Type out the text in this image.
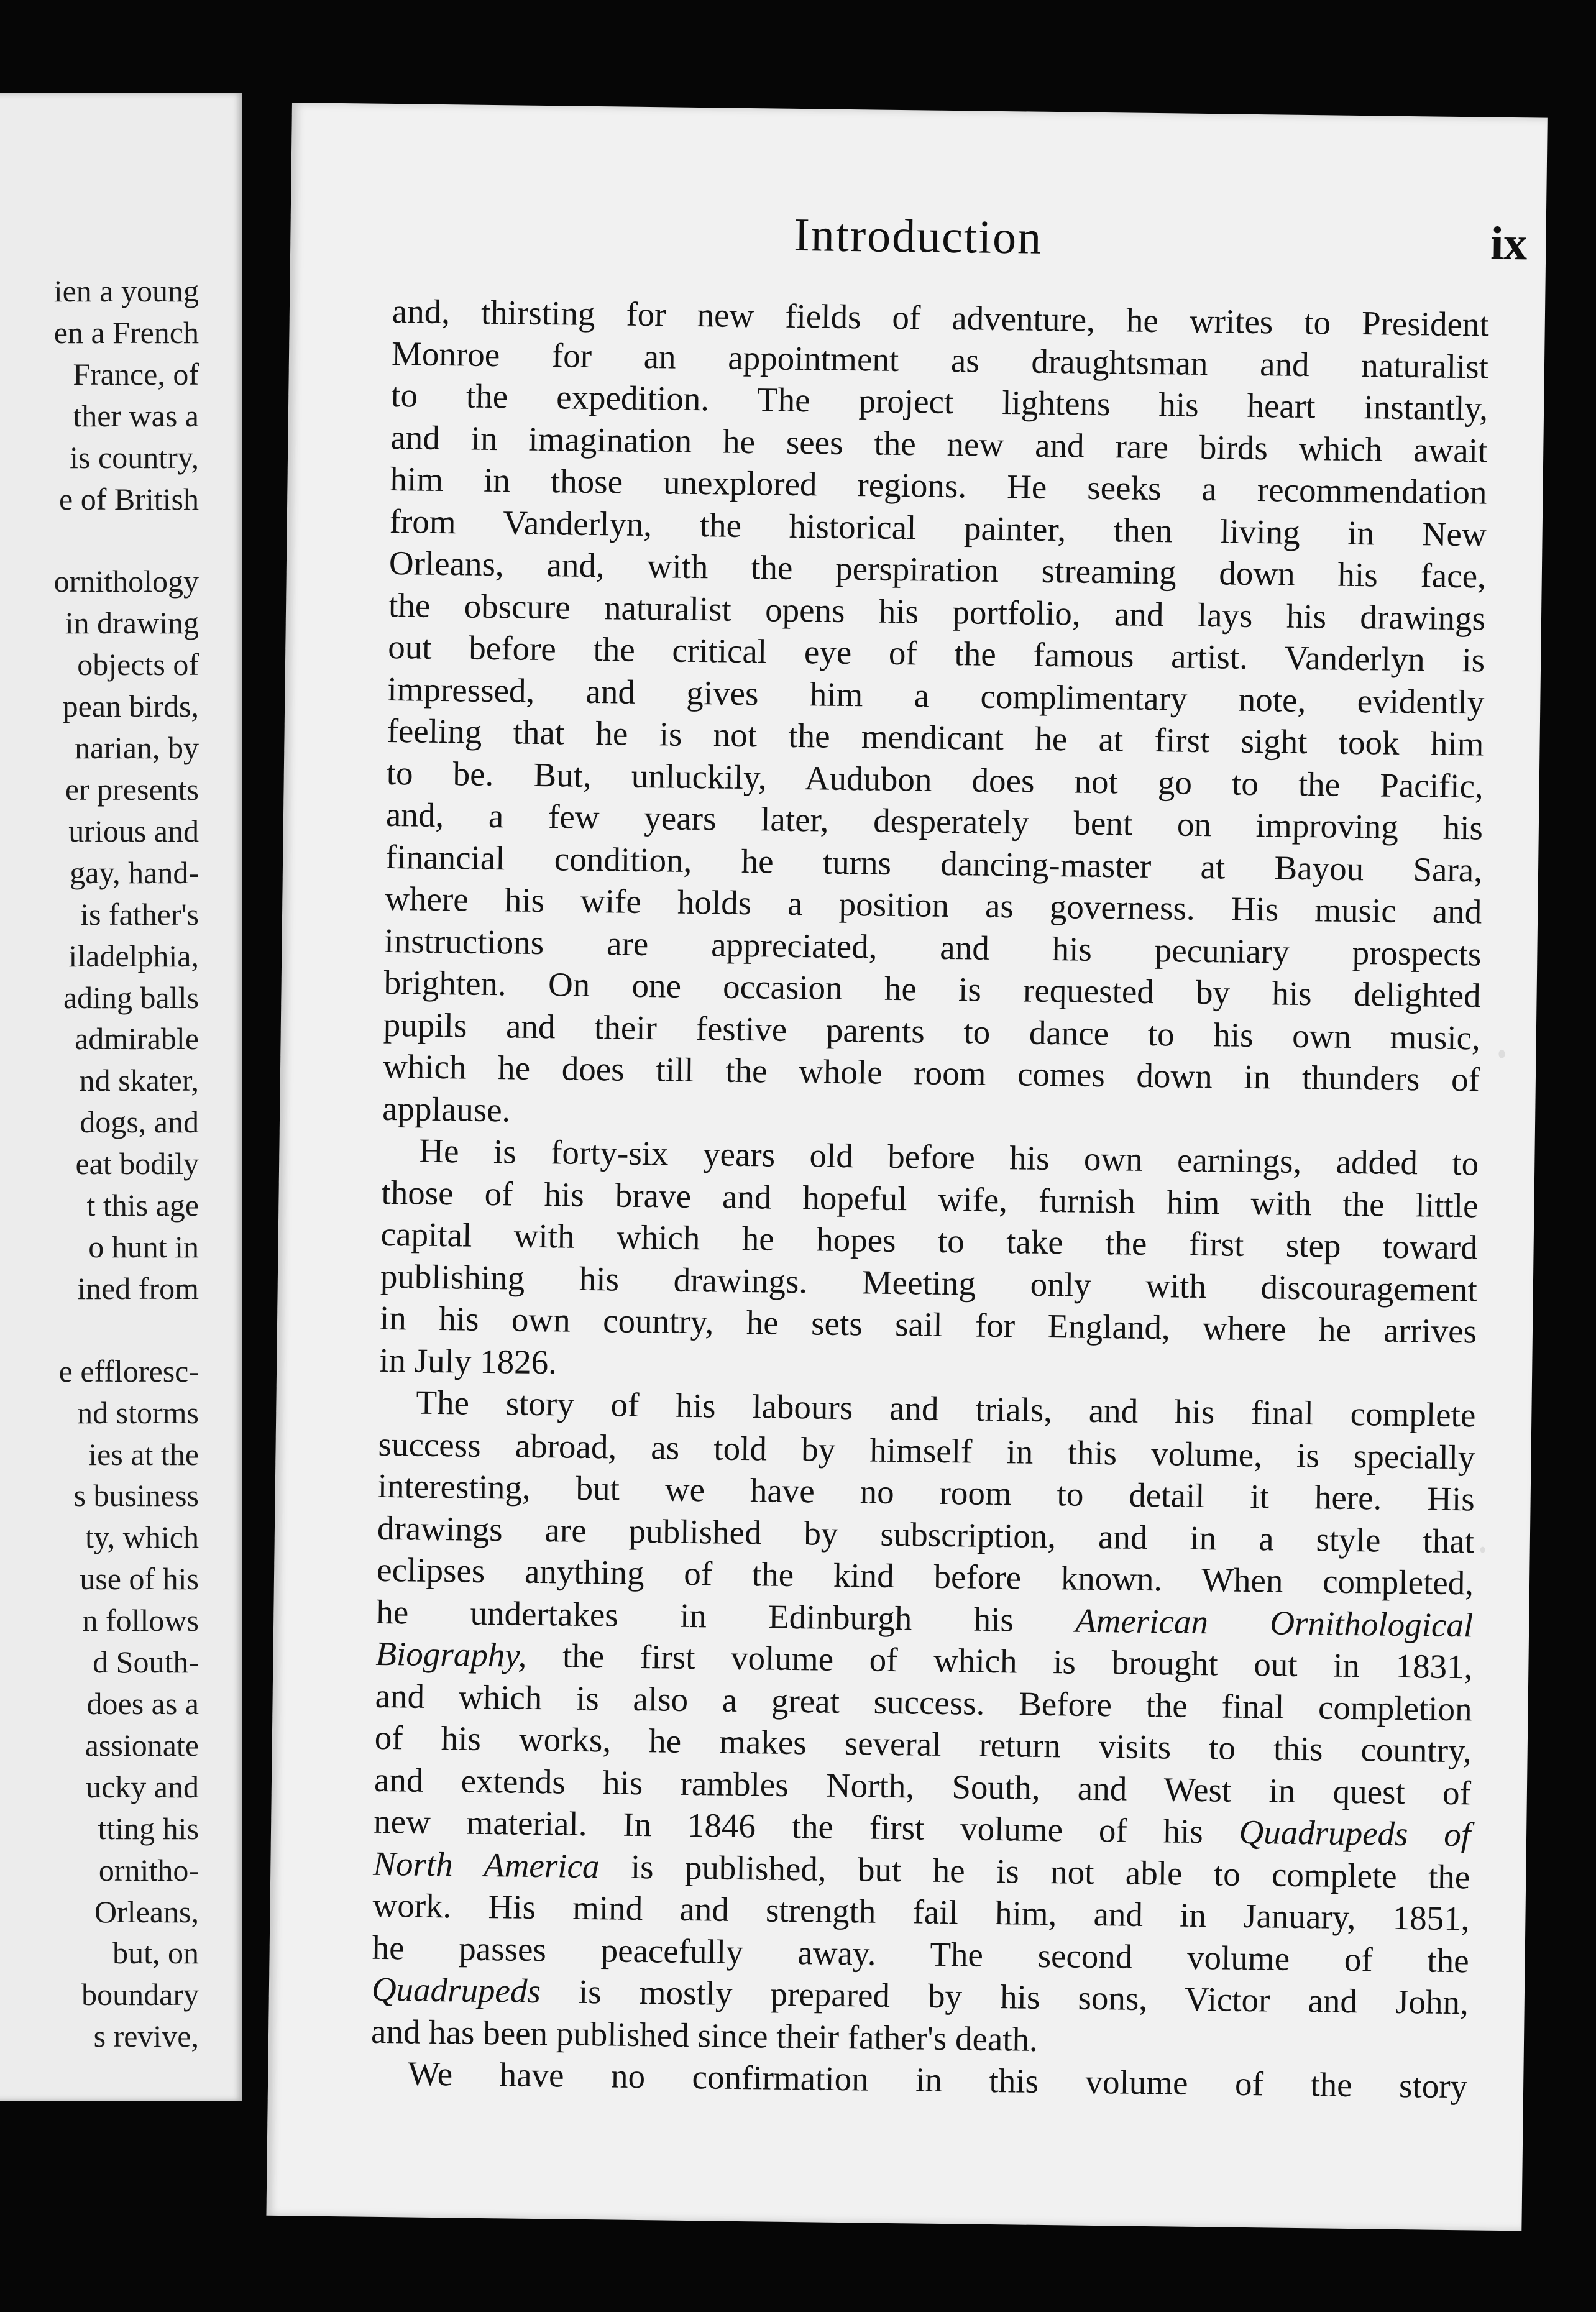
ien a young
en a French
France, of
ther was a
is country,
e of British
ornithology
in drawing
objects of
pean birds,
narian, by
er presents
urious and
gay, hand-
is father's
iladelphia,
ading balls
admirable
nd skater,
dogs, and
eat bodily
t this age
o hunt in
ined from
e effloresc-
nd storms
ies at the
s business
ty, which
use of his
n follows
d South-
does as a
assionate
ucky and
tting his
ornitho-
Orleans,
but, on
boundary
s revive,
Introduction	ix
and, thirsting for new fields of adventure, he writes to President
Monroe for an appointment as draughtsman and naturalist
to the expedition. The project lightens his heart instantly,
and in imagination he sees the new and rare birds which await
him in those unexplored regions. He seeks a recommendation
from Vanderlyn, the historical painter, then living in New
Orleans, and, with the perspiration streaming down his face,
the obscure naturalist opens his portfolio, and lays his drawings
out before the critical eye of the famous artist. Vanderlyn is
impressed, and gives him a complimentary note, evidently
feeling that he is not the mendicant he at first sight took him
to be. But, unluckily, Audubon does not go to the Pacific,
and, a few years later, desperately bent on improving his
financial condition, he turns dancing-master at Bayou Sara,
where his wife holds a position as governess. His music and
instructions are appreciated, and his pecuniary prospects
brighten. On one occasion he is requested by his delighted
pupils and their festive parents to dance to his own music,
which he does till the whole room comes down in thunders of
applause.
He is forty-six years old before his own earnings, added to
those of his brave and hopeful wife, furnish him with the little
capital with which he hopes to take the first step toward
publishing his drawings. Meeting only with discouragement
in his own country, he sets sail for England, where he arrives
in July 1826.
The story of his labours and trials, and his final complete
success abroad, as told by himself in this volume, is specially
interesting, but we have no room to detail it here. His
drawings are published by subscription, and in a style that
eclipses anything of the kind before known. When completed,
he undertakes in Edinburgh his American Ornithological
Biography, the first volume of which is brought out in 1831,
and which is also a great success. Before the final completion
of his works, he makes several return visits to this country,
and extends his rambles North, South, and West in quest of
new material. In 1846 the first volume of his Quadrupeds of
North America is published, but he is not able to complete the
work. His mind and strength fail him, and in January, 1851,
he passes peacefully away. The second volume of the
Quadrupeds is mostly prepared by his sons, Victor and John,
and has been published since their father's death.
We have no confirmation in this volume of the story
